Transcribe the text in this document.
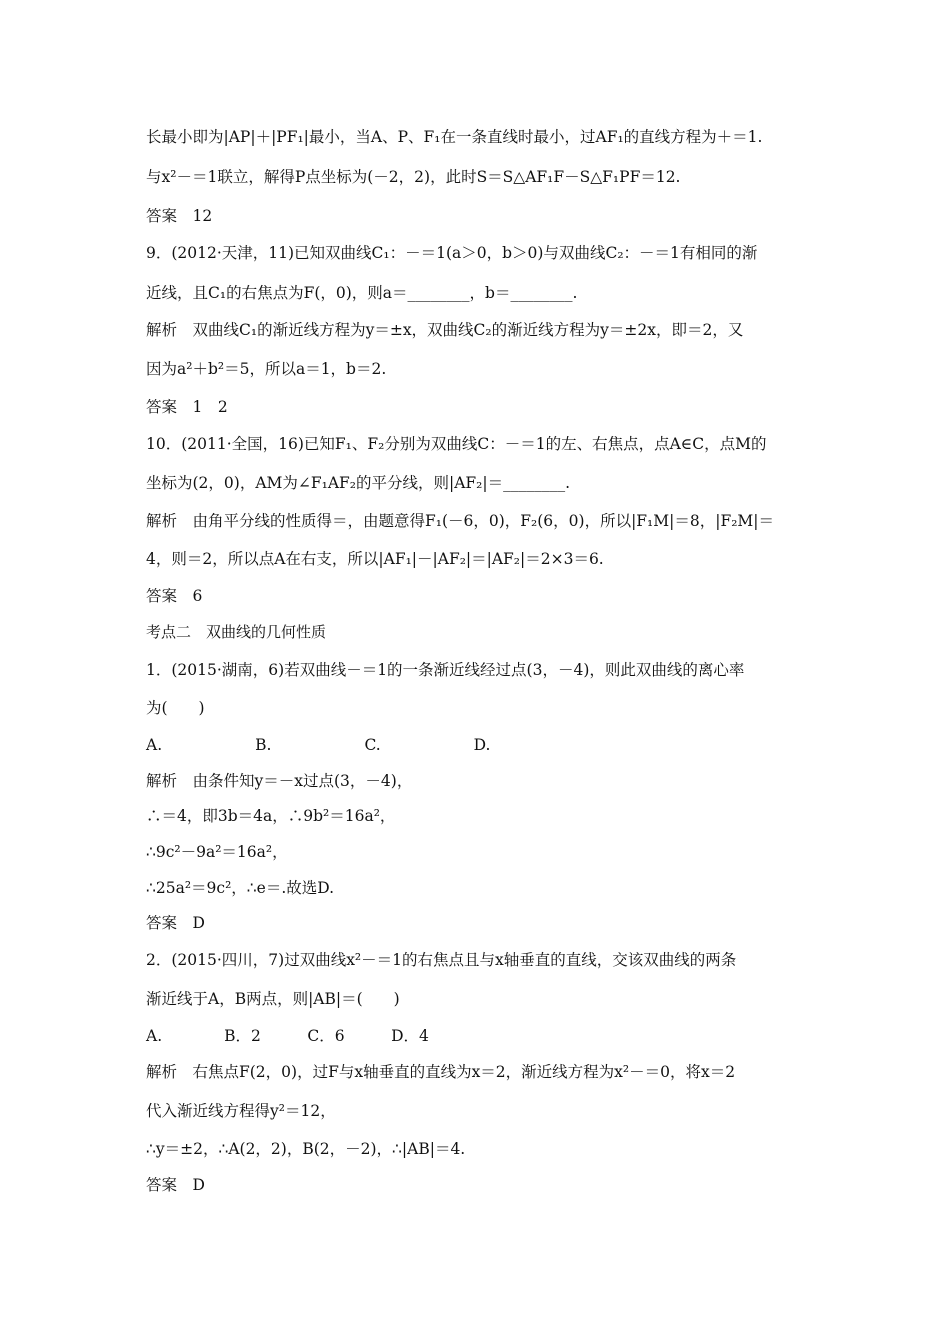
长最小即为|AP|＋|PF₁|最小，当A、P、F₁在一条直线时最小，过AF₁的直线方程为＋＝1.
与x²－＝1联立，解得P点坐标为(－2，2)，此时S＝S△AF₁F－S△F₁PF＝12.
答案　12
9．(2012·天津，11)已知双曲线C₁：－＝1(a＞0，b＞0)与双曲线C₂：－＝1有相同的渐
近线，且C₁的右焦点为F(，0)，则a＝________，b＝________.
解析　双曲线C₁的渐近线方程为y＝±x，双曲线C₂的渐近线方程为y＝±2x，即＝2，又
因为a²＋b²＝5，所以a＝1，b＝2.
答案　1　2
10．(2011·全国，16)已知F₁、F₂分别为双曲线C：－＝1的左、右焦点，点A∈C，点M的
坐标为(2，0)，AM为∠F₁AF₂的平分线，则|AF₂|＝________.
解析　由角平分线的性质得＝，由题意得F₁(－6，0)，F₂(6，0)，所以|F₁M|＝8，|F₂M|＝
4，则＝2，所以点A在右支，所以|AF₁|－|AF₂|＝|AF₂|＝2×3＝6.
答案　6
考点二　双曲线的几何性质
1．(2015·湖南，6)若双曲线－＝1的一条渐近线经过点(3，－4)，则此双曲线的离心率
为(　　)
A.　　　　　　B.　　　　　　C.　　　　　　D.
解析　由条件知y＝－x过点(3，－4)，
∴＝4，即3b＝4a，∴9b²＝16a²，
∴9c²－9a²＝16a²，
∴25a²＝9c²，∴e＝.故选D.
答案　D
2．(2015·四川，7)过双曲线x²－＝1的右焦点且与x轴垂直的直线，交该双曲线的两条
渐近线于A，B两点，则|AB|＝(　　)
A.　　　　B．2　　　C．6　　　D．4
解析　右焦点F(2，0)，过F与x轴垂直的直线为x＝2，渐近线方程为x²－＝0，将x＝2
代入渐近线方程得y²＝12，
∴y＝±2，∴A(2，2)，B(2，－2)，∴|AB|＝4.
答案　D
